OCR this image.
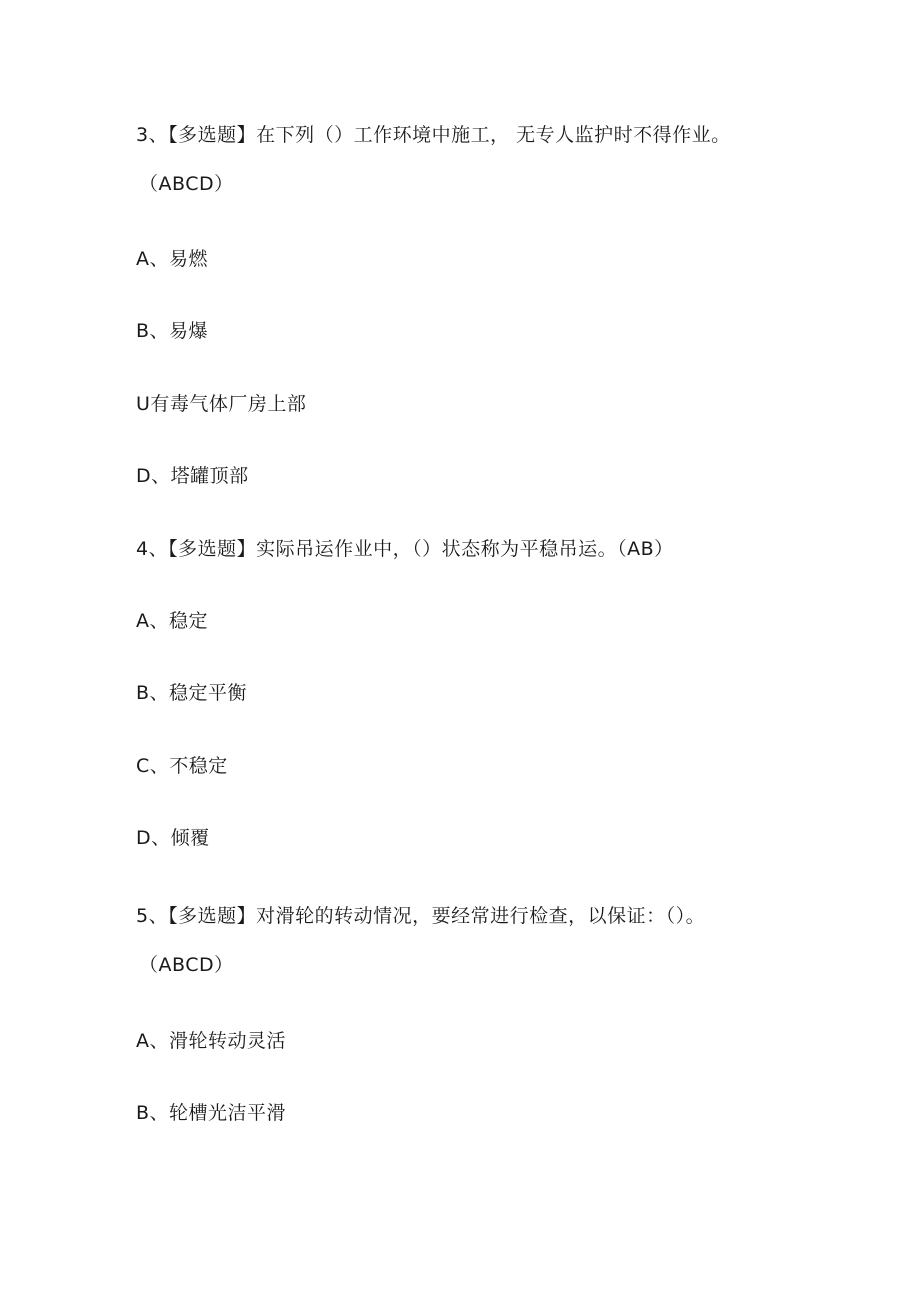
3、【多选题】在下列（）工作环境中施工， 无专人监护时不得作业。
（ABCD）
A、易燃
B、易爆
U有毒气体厂房上部
D、塔罐顶部
4、【多选题】实际吊运作业中，（）状态称为平稳吊运。（AB）
A、稳定
B、稳定平衡
C、不稳定
D、倾覆
5、【多选题】对滑轮的转动情况，要经常进行检查，以保证：（）。
（ABCD）
A、滑轮转动灵活
B、轮槽光洁平滑
